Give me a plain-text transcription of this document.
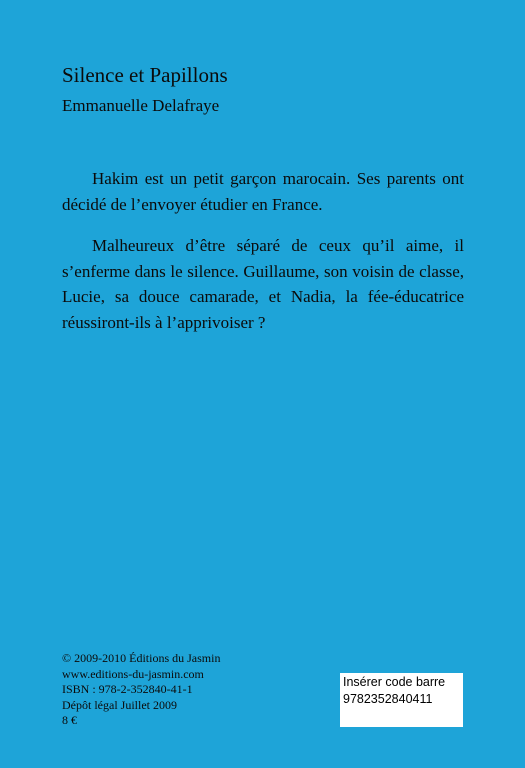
Silence et Papillons
Emmanuelle Delafraye

Hakim est un petit garçon marocain. Ses parents ont décidé de l’envoyer étudier en France.

Malheureux d’être séparé de ceux qu’il aime, il s’enferme dans le silence. Guillaume, son voisin de classe, Lucie, sa douce camarade, et Nadia, la fée-éducatrice réussiront-ils à l’apprivoiser ?

© 2009-2010 Éditions du Jasmin
www.editions-du-jasmin.com
ISBN : 978-2-352840-41-1
Dépôt légal Juillet 2009
8 €
Insérer code barre
9782352840411
